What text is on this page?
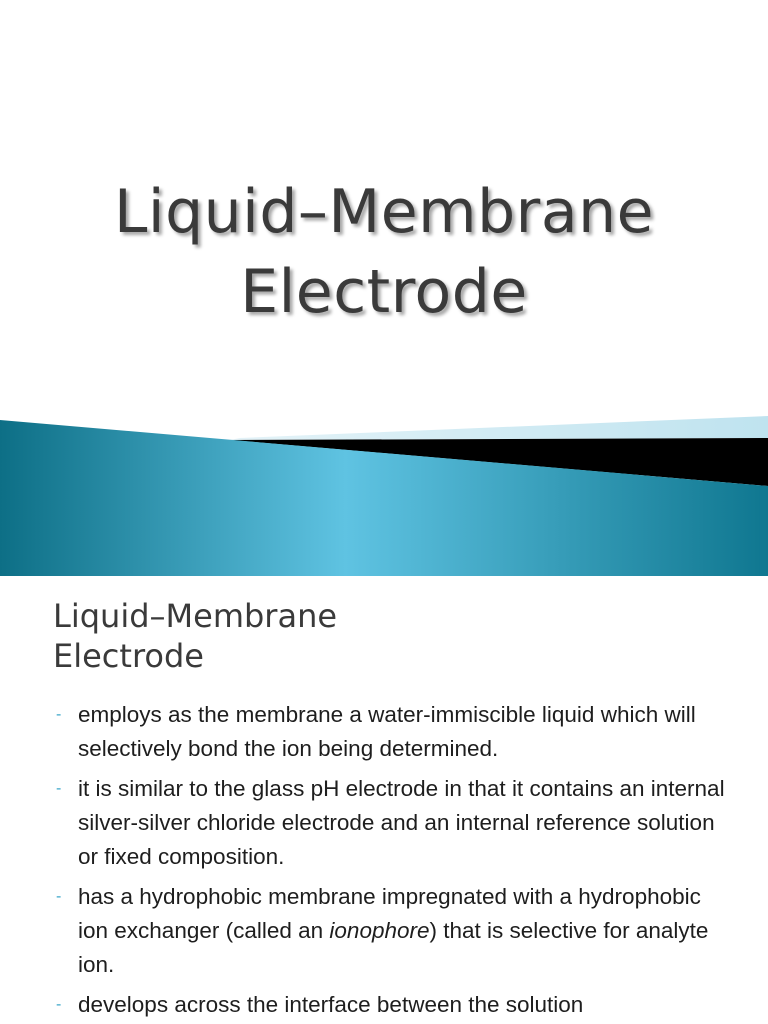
Liquid–Membrane
Electrode
Liquid–Membrane
Electrode
- employs as the membrane a water-immiscible liquid which will selectively bond the ion being determined.
- it is similar to the glass pH electrode in that it contains an internal silver-silver chloride electrode and an internal reference solution or fixed composition.
- has a hydrophobic membrane impregnated with a hydrophobic ion exchanger (called an ionophore) that is selective for analyte ion.
- develops across the interface between the solution
